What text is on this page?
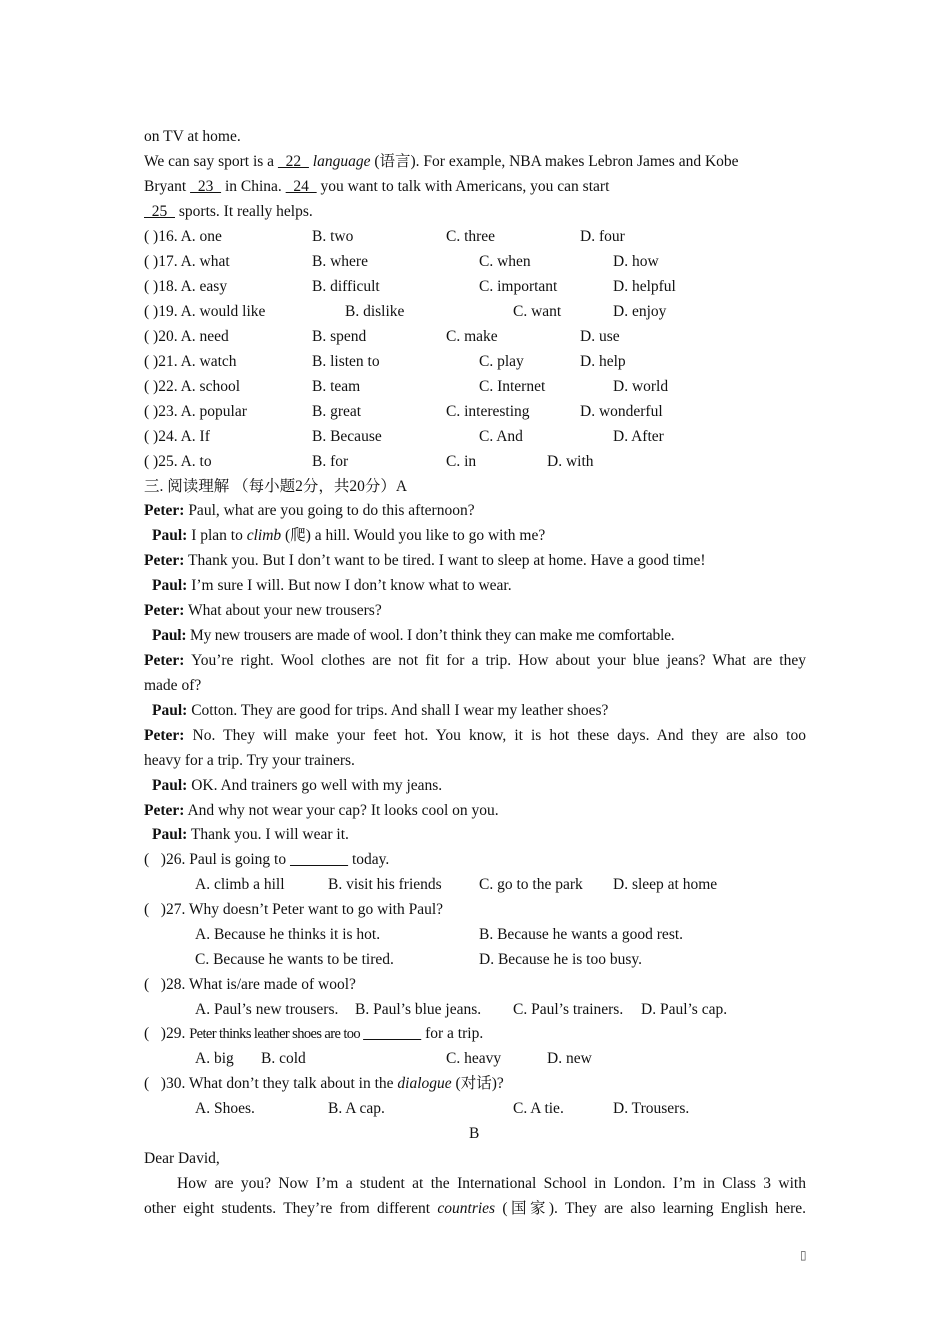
on TV at home.
We can say sport is a   22   language (语言). For example, NBA makes Lebron James and Kobe
Bryant   23   in China.   24   you want to talk with Americans, you can start
25   sports. It really helps.
( )16. A. one	B. two	C. three	D. four
( )17. A. what	B. where	C. when	D. how
( )18. A. easy	B. difficult	C. important	D. helpful
( )19. A. would like	B. dislike	C. want	D. enjoy
( )20. A. need	B. spend	C. make	D. use
( )21. A. watch	B. listen to	C. play	D. help
( )22. A. school	B. team	C. Internet	D. world
( )23. A. popular	B. great	C. interesting	D. wonderful
( )24. A. If	B. Because	C. And	D. After
( )25. A. to	B. for	C. in	D. with
三. 阅读理解 （每小题2分，共20分）A
Peter: Paul, what are you going to do this afternoon?
Paul: I plan to climb (爬) a hill. Would you like to go with me?
Peter: Thank you. But I don’t want to be tired. I want to sleep at home. Have a good time!
Paul: I’m sure I will. But now I don’t know what to wear.
Peter: What about your new trousers?
Paul: My new trousers are made of wool. I don’t think they can make me comfortable.
Peter: You’re right. Wool clothes are not fit for a trip. How about your blue jeans? What are they
made of?
Paul: Cotton. They are good for trips. And shall I wear my leather shoes?
Peter: No. They will make your feet hot. You know, it is hot these days. And they are also too
heavy for a trip. Try your trainers.
Paul: OK. And trainers go well with my jeans.
Peter: And why not wear your cap? It looks cool on you.
Paul: Thank you. I will wear it.
(   )26. Paul is going to	today.
A. climb a hill	B. visit his friends C. go to the park D. sleep at home
(   )27. Why doesn’t Peter want to go with Paul?
A. Because he thinks it is hot.	B. Because he wants a good rest.
C. Because he wants to be tired.	D. Because he is too busy.
(   )28. What is/are made of wool?
A. Paul’s new trousers. B. Paul’s blue jeans. C. Paul’s trainers. D. Paul’s cap.
(   )29. Peter thinks leather shoes are too	for a trip.
A. big B. cold	C. heavy	D. new
(   )30. What don’t they talk about in the dialogue (对话)?
A. Shoes.	B. A cap.	C. A tie.	D. Trousers.
B
Dear David,
How are you? Now I’m a student at the International School in London. I’m in Class 3 with
other eight students. They’re from different countries (国家). They are also learning English here.
▯
